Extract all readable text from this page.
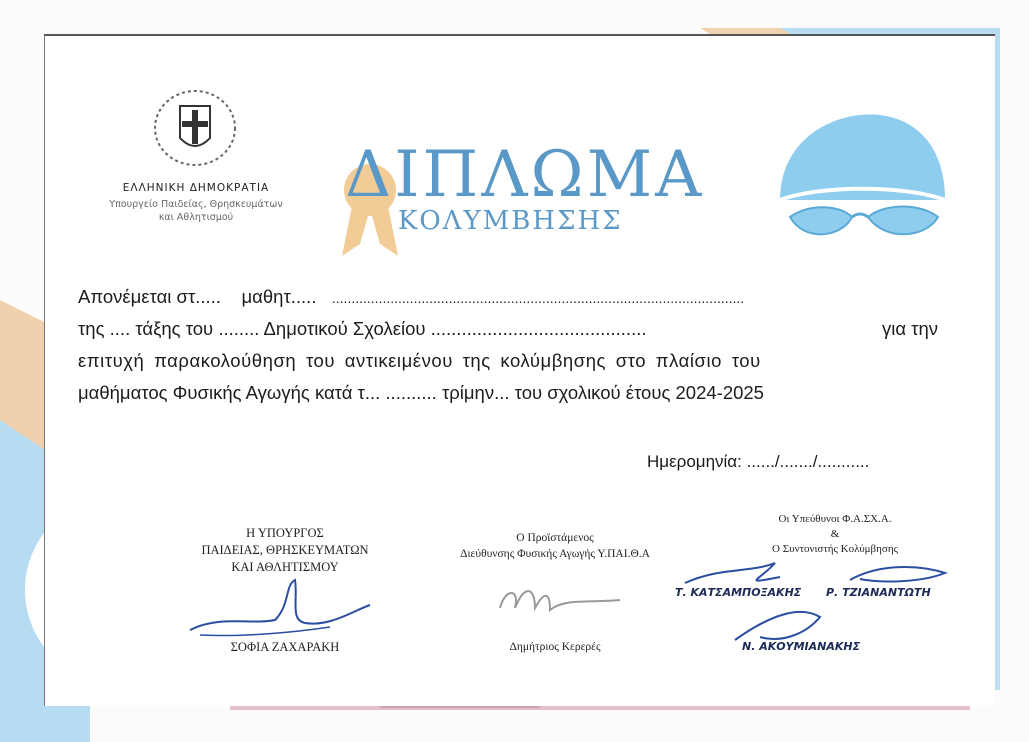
ΕΛΛΗΝΙΚΗ ΔΗΜΟΚΡΑΤΙΑ
Υπουργείο Παιδείας, Θρησκευμάτων
και Αθλητισμού
ΔΙΠΛΩΜΑ
ΚΟΛΥΜΒΗΣΗΣ
Απονέμεται στ..... μαθητ..... ..........................................................................................................
της .... τάξης του ........ Δημοτικού Σχολείου ..........................................	για την
επιτυχή παρακολούθηση του αντικειμένου της κολύμβησης στο πλαίσιο του
μαθήματος Φυσικής Αγωγής κατά τ... .......... τρίμην... του σχολικού έτους 2024-2025
Ημερομηνία: ....../......./...........
Η ΥΠΟΥΡΓΟΣ
ΠΑΙΔΕΙΑΣ, ΘΡΗΣΚΕΥΜΑΤΩΝ
ΚΑΙ ΑΘΛΗΤΙΣΜΟΥ
ΣΟΦΙΑ ΖΑΧΑΡΑΚΗ
Ο Προϊστάμενος
Διεύθυνσης Φυσικής Αγωγής Υ.ΠΑΙ.Θ.Α
Δημήτριος Κερερές
Οι Υπεύθυνοι Φ.Α.ΣΧ.Α.
&
Ο Συντονιστής Κολύμβησης
Τ. ΚΑΤΣΑΜΠΟΞΑΚΗΣ Ρ. ΤΖΙΑΝΑΝΤΩΤΗ
Ν. ΑΚΟΥΜΙΑΝΑΚΗΣ
